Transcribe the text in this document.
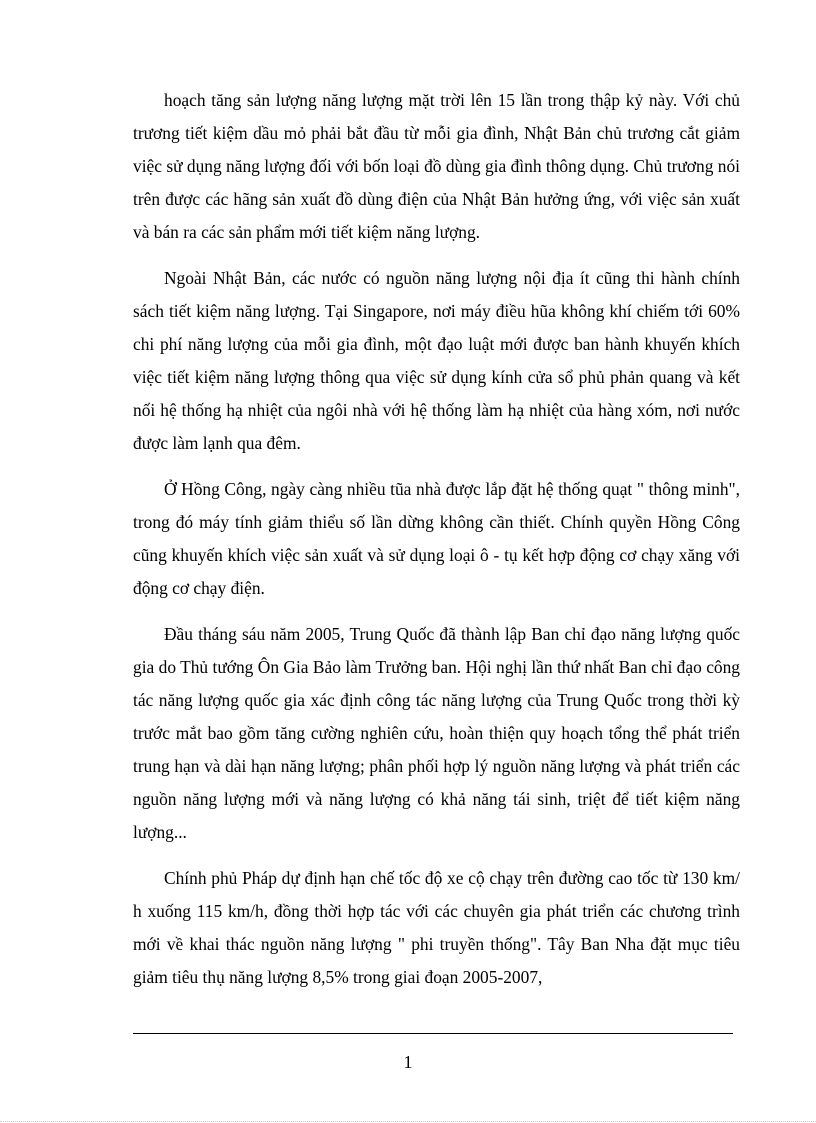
hoạch tăng sản lượng năng lượng mặt trời lên 15 lần trong thập kỷ này. Với chủ trương tiết kiệm dầu mỏ phải bắt đầu từ mỗi gia đình, Nhật Bản chủ trương cắt giảm việc sử dụng năng lượng đối với bốn loại đồ dùng gia đình thông dụng. Chủ trương nói trên được các hãng sản xuất đồ dùng điện của Nhật Bản hưởng ứng, với việc sản xuất và bán ra các sản phẩm mới tiết kiệm năng lượng.

Ngoài Nhật Bản, các nước có nguồn năng lượng nội địa ít cũng thi hành chính sách tiết kiệm năng lượng. Tại Singapore, nơi máy điều hũa không khí chiếm tới 60% chi phí năng lượng của mỗi gia đình, một đạo luật mới được ban hành khuyến khích việc tiết kiệm năng lượng thông qua việc sử dụng kính cửa sổ phủ phản quang và kết nối hệ thống hạ nhiệt của ngôi nhà với hệ thống làm hạ nhiệt của hàng xóm, nơi nước được làm lạnh qua đêm.

Ở Hồng Công, ngày càng nhiều tũa nhà được lắp đặt hệ thống quạt " thông minh", trong đó máy tính giảm thiểu số lần dừng không cần thiết. Chính quyền Hồng Công cũng khuyến khích việc sản xuất và sử dụng loại ô - tụ kết hợp động cơ chạy xăng với động cơ chạy điện.

Đầu tháng sáu năm 2005, Trung Quốc đã thành lập Ban chỉ đạo năng lượng quốc gia do Thủ tướng Ôn Gia Bảo làm Trưởng ban. Hội nghị lần thứ nhất Ban chỉ đạo công tác năng lượng quốc gia xác định công tác năng lượng của Trung Quốc trong thời kỳ trước mắt bao gồm tăng cường nghiên cứu, hoàn thiện quy hoạch tổng thể phát triển trung hạn và dài hạn năng lượng; phân phối hợp lý nguồn năng lượng và phát triển các nguồn năng lượng mới và năng lượng có khả năng tái sinh, triệt để tiết kiệm năng lượng...

Chính phủ Pháp dự định hạn chế tốc độ xe cộ chạy trên đường cao tốc từ 130 km/ h xuống 115 km/h, đồng thời hợp tác với các chuyên gia phát triển các chương trình mới về khai thác nguồn năng lượng " phi truyền thống". Tây Ban Nha đặt mục tiêu giảm tiêu thụ năng lượng 8,5% trong giai đoạn 2005-2007,

1
